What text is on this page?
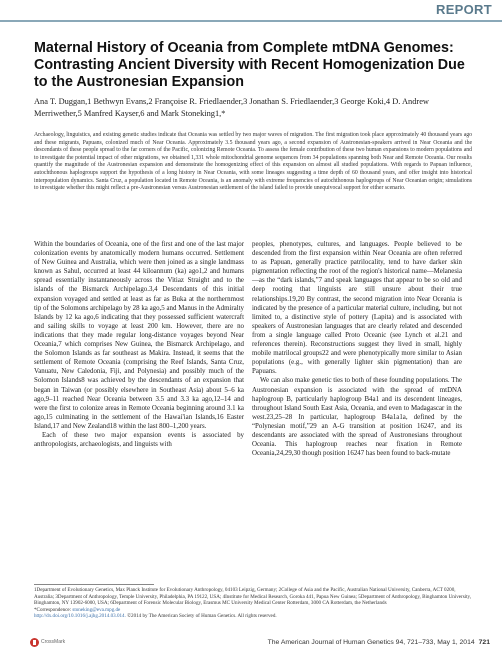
REPORT
Maternal History of Oceania from Complete mtDNA Genomes: Contrasting Ancient Diversity with Recent Homogenization Due to the Austronesian Expansion
Ana T. Duggan,1 Bethwyn Evans,2 Françoise R. Friedlaender,3 Jonathan S. Friedlaender,3 George Koki,4 D. Andrew Merriwether,5 Manfred Kayser,6 and Mark Stoneking1,*
Archaeology, linguistics, and existing genetic studies indicate that Oceania was settled by two major waves of migration. The first migration took place approximately 40 thousand years ago and these migrants, Papuans, colonized much of Near Oceania. Approximately 3.5 thousand years ago, a second expansion of Austronesian-speakers arrived in Near Oceania and the descendants of these people spread to the far corners of the Pacific, colonizing Remote Oceania. To assess the female contribution of these two human expansions to modern populations and to investigate the potential impact of other migrations, we obtained 1,331 whole mitochondrial genome sequences from 34 populations spanning both Near and Remote Oceania. Our results quantify the magnitude of the Austronesian expansion and demonstrate the homogenizing effect of this expansion on almost all studied populations. With regards to Papuan influence, autochthonous haplogroups support the hypothesis of a long history in Near Oceania, with some lineages suggesting a time depth of 60 thousand years, and offer insight into historical interpopulation dynamics. Santa Cruz, a population located in Remote Oceania, is an anomaly with extreme frequencies of autochthonous haplogroups of Near Oceanian origin; simulations to investigate whether this might reflect a pre-Austronesian versus Austronesian settlement of the island failed to provide unequivocal support for either scenario.

Within the boundaries of Oceania, one of the first and one of the last major colonization events by anatomically modern humans occurred. Settlement of New Guinea and Australia, which were then joined as a single landmass known as Sahul, occurred at least 44 kiloannum (ka) ago1,2 and humans spread essentially instantaneously across the Vitiaz Straight and to the islands of the Bismarck Archipelago.3,4 Descendants of this initial expansion voyaged and settled at least as far as Buka at the northernmost tip of the Solomons archipelago by 28 ka ago,5 and Manus in the Admiralty Islands by 12 ka ago,6 indicating that they possessed sufficient watercraft and sailing skills to voyage at least 200 km. However, there are no indications that they made regular long-distance voyages beyond Near Oceania,7 which comprises New Guinea, the Bismarck Archipelago, and the Solomon Islands as far southeast as Makira. Instead, it seems that the settlement of Remote Oceania (comprising the Reef Islands, Santa Cruz, Vanuatu, New Caledonia, Fiji, and Polynesia) and possibly much of the Solomon Islands8 was achieved by the descendants of an expansion that began in Taiwan (or possibly elsewhere in Southeast Asia) about 5–6 ka ago,9–11 reached Near Oceania between 3.5 and 3.3 ka ago,12–14 and were the first to colonize areas in Remote Oceania beginning around 3.1 ka ago,15 culminating in the settlement of the Hawai'ian Islands,16 Easter Island,17 and New Zealand18 within the last 800–1,200 years.

Each of these two major expansion events is associated by anthropologists, archaeologists, and linguists with

peoples, phenotypes, cultures, and languages. People believed to be descended from the first expansion within Near Oceania are often referred to as Papuan, generally practice patrilocality, tend to have darker skin pigmentation reflecting the root of the region's historical name—Melanesia—as the “dark islands,”7 and speak languages that appear to be so old and deep rooting that linguists are still unsure about their true relationships.19,20 By contrast, the second migration into Near Oceania is indicated by the presence of a particular material culture, including, but not limited to, a distinctive style of pottery (Lapita) and is associated with speakers of Austronesian languages that are clearly related and descended from a single language called Proto Oceanic (see Lynch et al.21 and references therein). Reconstructions suggest they lived in small, highly mobile matrilocal groups22 and were phenotypically more similar to Asian populations (e.g., with generally lighter skin pigmentation) than are Papuans.

We can also make genetic ties to both of these founding populations. The Austronesian expansion is associated with the spread of mtDNA haplogroup B, particularly haplogroup B4a1 and its descendent lineages, throughout Island South East Asia, Oceania, and even to Madagascar in the west.23,25–28 In particular, haplogroup B4a1a1a, defined by the “Polynesian motif,”29 an A-G transition at position 16247, and its descendants are associated with the spread of Austronesians throughout Oceania. This haplogroup reaches near fixation in Remote Oceania,24,29,30 though position 16247 has been found to back-mutate

1Department of Evolutionary Genetics, Max Planck Institute for Evolutionary Anthropology, 04103 Leipzig, Germany; 2College of Asia and the Pacific, Australian National University, Canberra, ACT 0200, Australia; 3Department of Anthropology, Temple University, Philadelphia, PA 19122, USA; 4Institute for Medical Research, Goroka 441, Papua New Guinea; 5Department of Anthropology, Binghamton University, Binghamton, NY 13902-6000, USA; 6Department of Forensic Molecular Biology, Erasmus MC University Medical Center Rotterdam, 3000 CA Rotterdam, the Netherlands
*Correspondence: stoneking@eva.mpg.de
http://dx.doi.org/10.1016/j.ajhg.2014.03.014. ©2014 by The American Society of Human Genetics. All rights reserved.
CrossMark	The American Journal of Human Genetics 94, 721–733, May 1, 2014 721
